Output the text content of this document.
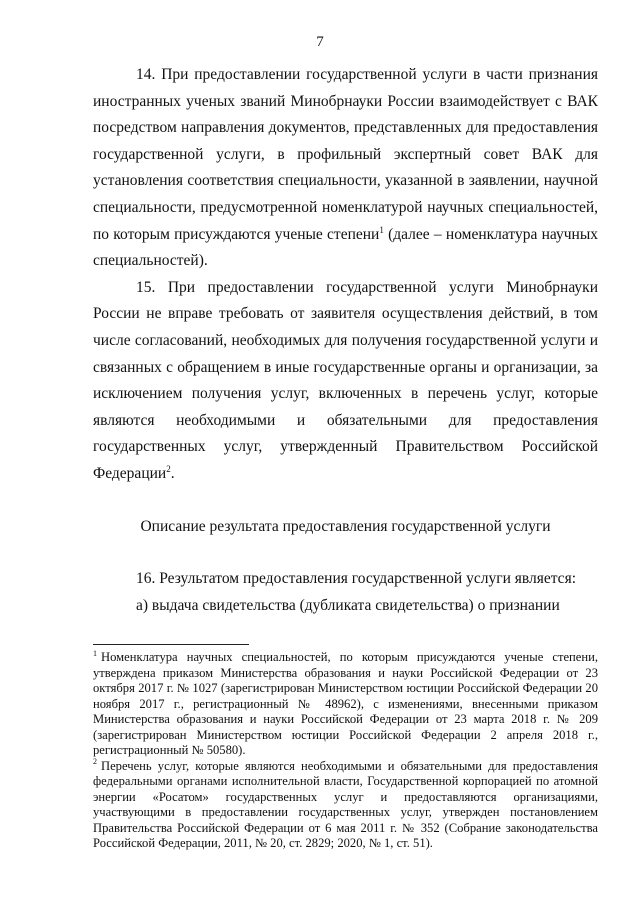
7

14. При предоставлении государственной услуги в части признания иностранных ученых званий Минобрнауки России взаимодействует с ВАК посредством направления документов, представленных для предоставления государственной услуги, в профильный экспертный совет ВАК для установления соответствия специальности, указанной в заявлении, научной специальности, предусмотренной номенклатурой научных специальностей, по которым присуждаются ученые степени$^1$ (далее – номенклатура научных специальностей).

15. При предоставлении государственной услуги Минобрнауки России не вправе требовать от заявителя осуществления действий, в том числе согласований, необходимых для получения государственной услуги и связанных с обращением в иные государственные органы и организации, за исключением получения услуг, включенных в перечень услуг, которые являются необходимыми и обязательными для предоставления государственных услуг, утвержденный Правительством Российской Федерации$^2$.

Описание результата предоставления государственной услуги

16. Результатом предоставления государственной услуги является:

а) выдача свидетельства (дубликата свидетельства) о признании

$^1$ Номенклатура научных специальностей, по которым присуждаются ученые степени, утверждена приказом Министерства образования и науки Российской Федерации от 23 октября 2017 г. № 1027 (зарегистрирован Министерством юстиции Российской Федерации 20 ноября 2017 г., регистрационный № 48962), с изменениями, внесенными приказом Министерства образования и науки Российской Федерации от 23 марта 2018 г. № 209 (зарегистрирован Министерством юстиции Российской Федерации 2 апреля 2018 г., регистрационный № 50580).

$^2$ Перечень услуг, которые являются необходимыми и обязательными для предоставления федеральными органами исполнительной власти, Государственной корпорацией по атомной энергии «Росатом» государственных услуг и предоставляются организациями, участвующими в предоставлении государственных услуг, утвержден постановлением Правительства Российской Федерации от 6 мая 2011 г. № 352 (Собрание законодательства Российской Федерации, 2011, № 20, ст. 2829; 2020, № 1, ст. 51).
